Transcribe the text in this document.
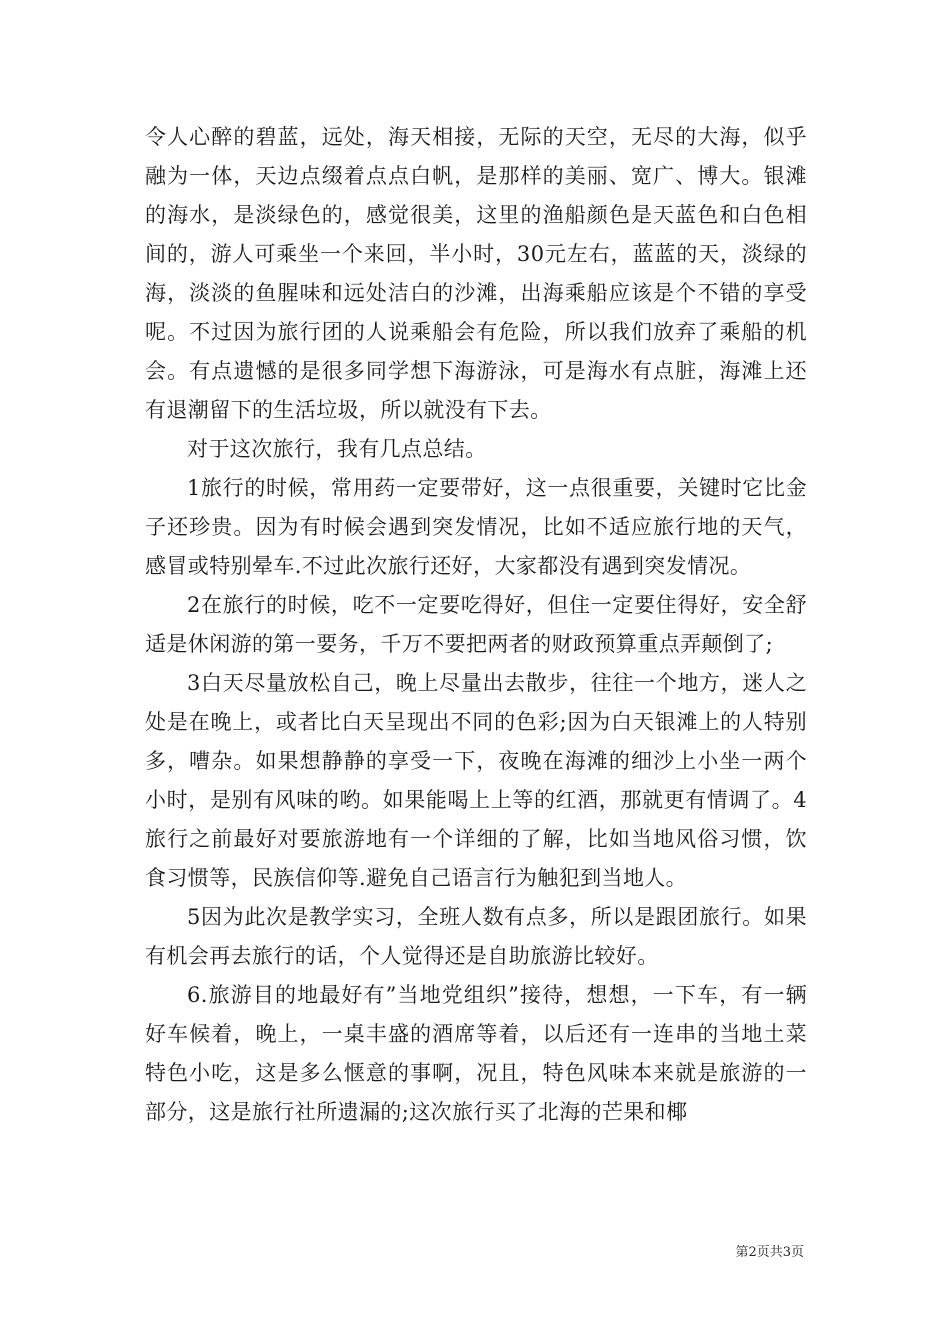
令人心醉的碧蓝，远处，海天相接，无际的天空，无尽的大海，似乎融为一体，天边点缀着点点白帆，是那样的美丽、宽广、博大。银滩的海水，是淡绿色的，感觉很美，这里的渔船颜色是天蓝色和白色相间的，游人可乘坐一个来回，半小时，30元左右，蓝蓝的天，淡绿的海，淡淡的鱼腥味和远处洁白的沙滩，出海乘船应该是个不错的享受呢。不过因为旅行团的人说乘船会有危险，所以我们放弃了乘船的机会。有点遗憾的是很多同学想下海游泳，可是海水有点脏，海滩上还有退潮留下的生活垃圾，所以就没有下去。

对于这次旅行，我有几点总结。

1旅行的时候，常用药一定要带好，这一点很重要，关键时它比金子还珍贵。因为有时候会遇到突发情况，比如不适应旅行地的天气，感冒或特别晕车.不过此次旅行还好，大家都没有遇到突发情况。

2在旅行的时候，吃不一定要吃得好，但住一定要住得好，安全舒适是休闲游的第一要务，千万不要把两者的财政预算重点弄颠倒了;

3白天尽量放松自己，晚上尽量出去散步，往往一个地方，迷人之处是在晚上，或者比白天呈现出不同的色彩;因为白天银滩上的人特别多，嘈杂。如果想静静的享受一下，夜晚在海滩的细沙上小坐一两个小时，是别有风味的哟。如果能喝上上等的红酒，那就更有情调了。4旅行之前最好对要旅游地有一个详细的了解，比如当地风俗习惯，饮食习惯等，民族信仰等.避免自己语言行为触犯到当地人。

5因为此次是教学实习，全班人数有点多，所以是跟团旅行。如果有机会再去旅行的话，个人觉得还是自助旅游比较好。

6.旅游目的地最好有”当地党组织”接待，想想，一下车，有一辆好车候着，晚上，一桌丰盛的酒席等着，以后还有一连串的当地土菜特色小吃，这是多么惬意的事啊，况且，特色风味本来就是旅游的一部分，这是旅行社所遗漏的;这次旅行买了北海的芒果和椰

第2页共3页
